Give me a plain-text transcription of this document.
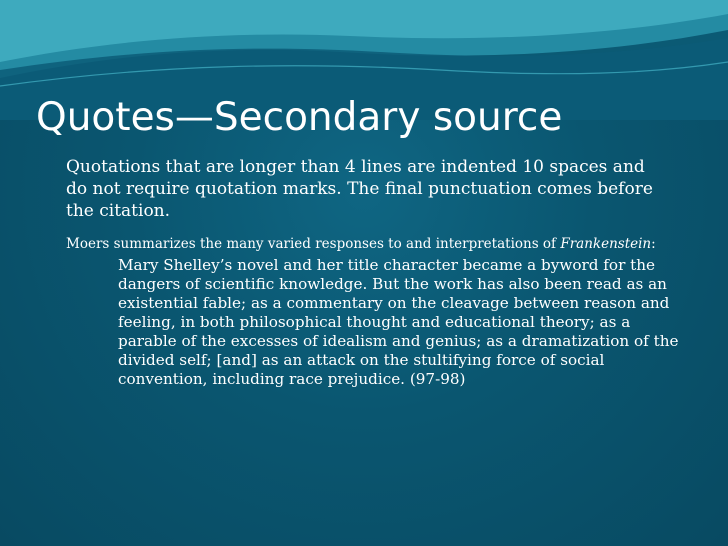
Quotes—Secondary source

Quotations that are longer than 4 lines are indented 10 spaces and do not require quotation marks. The final punctuation comes before the citation.

Moers summarizes the many varied responses to and interpretations of Frankenstein:

Mary Shelley’s novel and her title character became a byword for the dangers of scientific knowledge. But the work has also been read as an existential fable; as a commentary on the cleavage between reason and feeling, in both philosophical thought and educational theory; as a parable of the excesses of idealism and genius; as a dramatization of the divided self; [and] as an attack on the stultifying force of social convention, including race prejudice. (97-98)
